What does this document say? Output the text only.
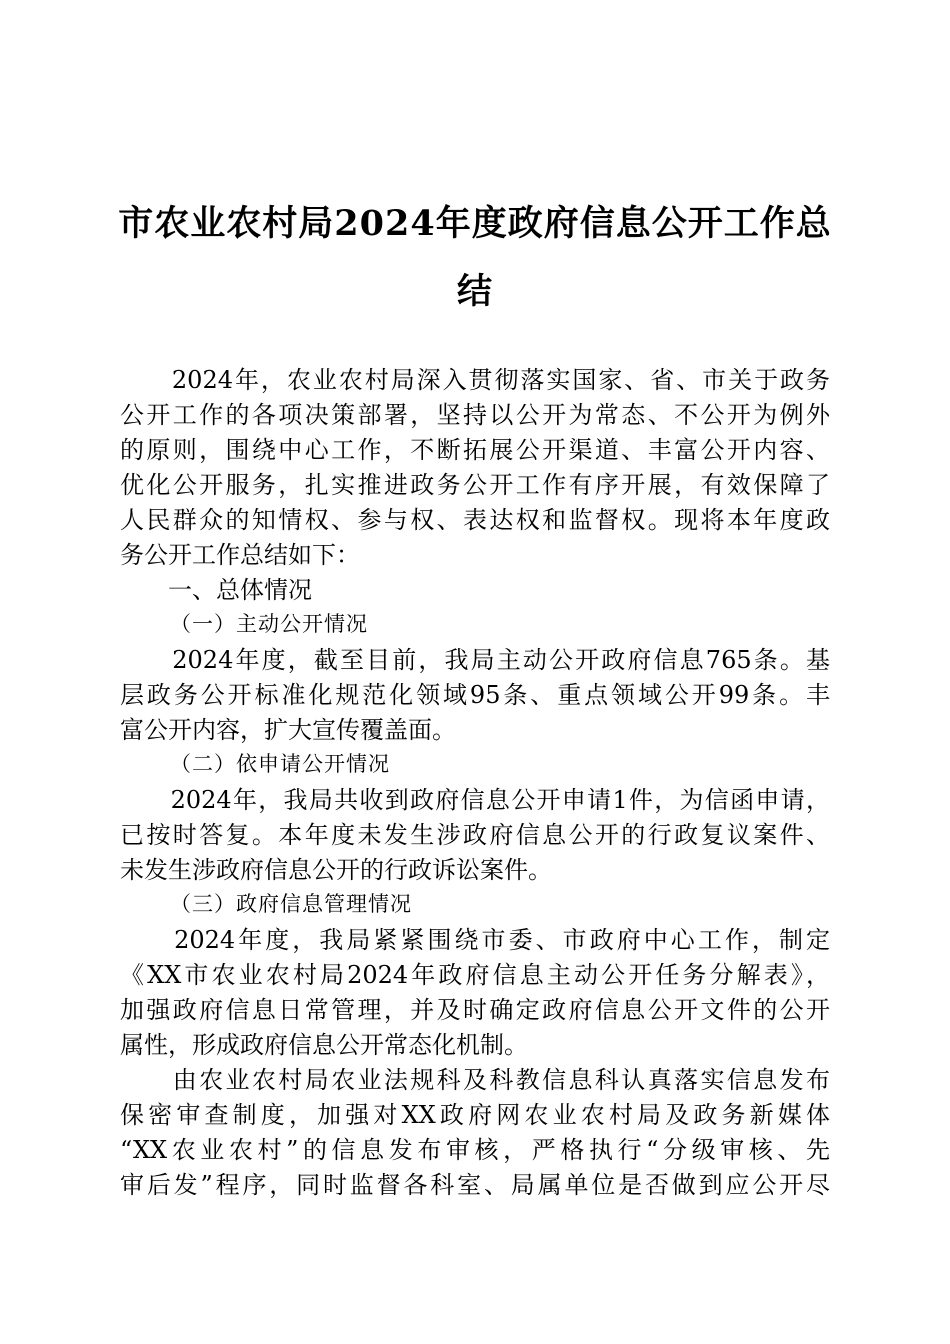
市农业农村局2024年度政府信息公开工作总
结
　　2024年，农业农村局深入贯彻落实国家、省、市关于政务
公开工作的各项决策部署，坚持以公开为常态、不公开为例外
的原则，围绕中心工作，不断拓展公开渠道、丰富公开内容、
优化公开服务，扎实推进政务公开工作有序开展，有效保障了
人民群众的知情权、参与权、表达权和监督权。现将本年度政
务公开工作总结如下：
一、总体情况
（一）主动公开情况
　　2024年度，截至目前，我局主动公开政府信息765条。基
层政务公开标准化规范化领域95条、重点领域公开99条。丰
富公开内容，扩大宣传覆盖面。
（二）依申请公开情况
　　2024年，我局共收到政府信息公开申请1件，为信函申请，
已按时答复。本年度未发生涉政府信息公开的行政复议案件、
未发生涉政府信息公开的行政诉讼案件。
（三）政府信息管理情况
　　2024年度，我局紧紧围绕市委、市政府中心工作，制定
《XX市农业农村局2024年政府信息主动公开任务分解表》，
加强政府信息日常管理，并及时确定政府信息公开文件的公开
属性，形成政府信息公开常态化机制。
　　由农业农村局农业法规科及科教信息科认真落实信息发布
保密审查制度，加强对XX政府网农业农村局及政务新媒体
“XX农业农村”的信息发布审核，严格执行“分级审核、先
审后发”程序，同时监督各科室、局属单位是否做到应公开尽
